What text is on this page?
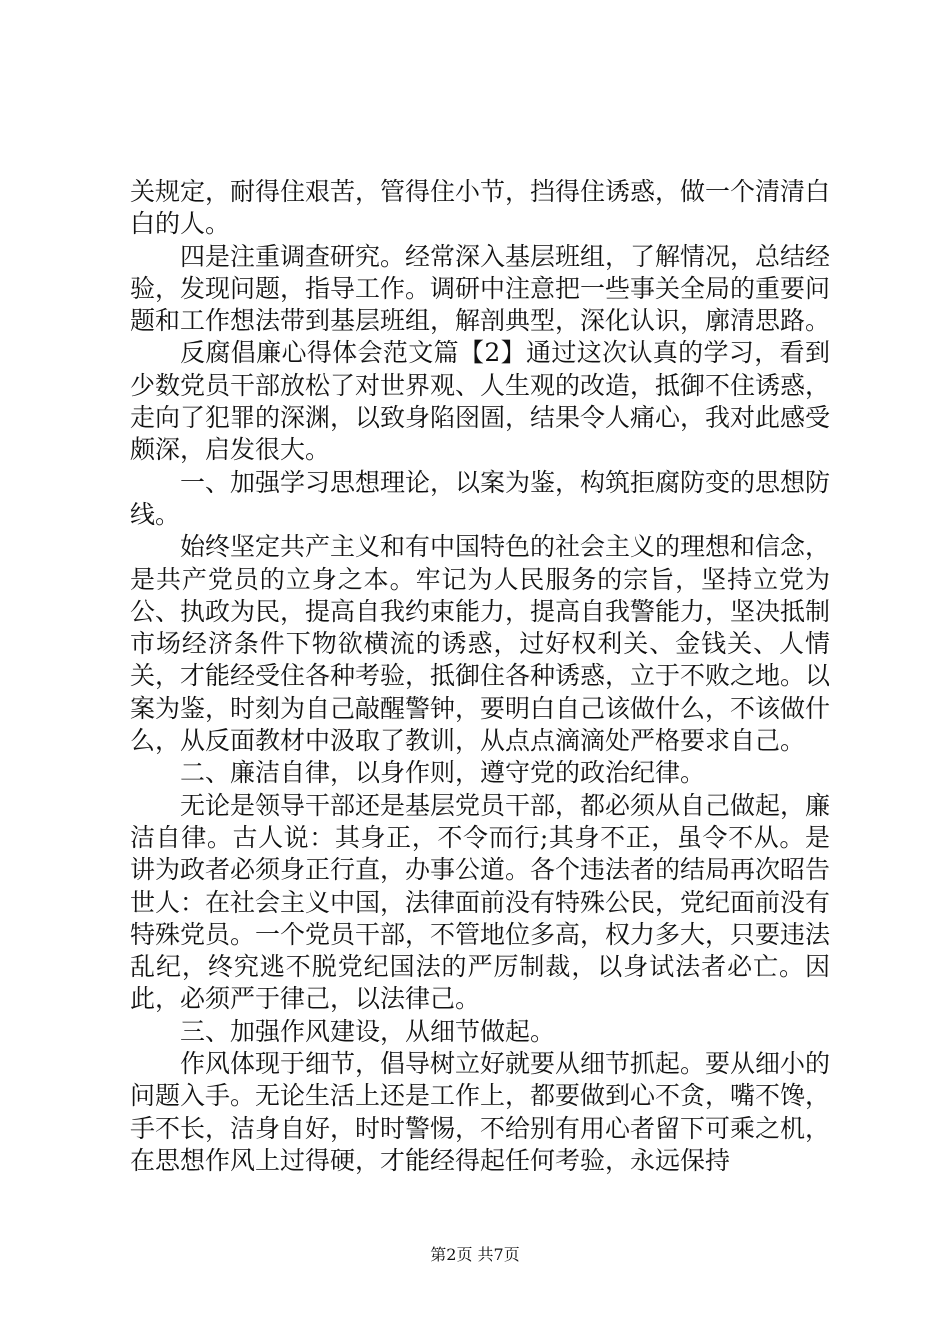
关规定，耐得住艰苦，管得住小节，挡得住诱惑，做一个清清白白的人。

四是注重调查研究。经常深入基层班组，了解情况，总结经验，发现问题，指导工作。调研中注意把一些事关全局的重要问题和工作想法带到基层班组，解剖典型，深化认识，廓清思路。

反腐倡廉心得体会范文篇【2】通过这次认真的学习，看到少数党员干部放松了对世界观、人生观的改造，抵御不住诱惑，走向了犯罪的深渊，以致身陷囹圄，结果令人痛心，我对此感受颇深，启发很大。

一、加强学习思想理论，以案为鉴，构筑拒腐防变的思想防线。

始终坚定共产主义和有中国特色的社会主义的理想和信念，是共产党员的立身之本。牢记为人民服务的宗旨，坚持立党为公、执政为民，提高自我约束能力，提高自我警能力，坚决抵制市场经济条件下物欲横流的诱惑，过好权利关、金钱关、人情关，才能经受住各种考验，抵御住各种诱惑，立于不败之地。以案为鉴，时刻为自己敲醒警钟，要明白自己该做什么，不该做什么，从反面教材中汲取了教训，从点点滴滴处严格要求自己。

二、廉洁自律，以身作则，遵守党的政治纪律。

无论是领导干部还是基层党员干部，都必须从自己做起，廉洁自律。古人说：其身正，不令而行;其身不正，虽令不从。是讲为政者必须身正行直，办事公道。各个违法者的结局再次昭告世人：在社会主义中国，法律面前没有特殊公民，党纪面前没有特殊党员。一个党员干部，不管地位多高，权力多大，只要违法乱纪，终究逃不脱党纪国法的严厉制裁，以身试法者必亡。因此，必须严于律己，以法律己。

三、加强作风建设，从细节做起。

作风体现于细节，倡导树立好就要从细节抓起。要从细小的问题入手。无论生活上还是工作上，都要做到心不贪，嘴不馋，手不长，洁身自好，时时警惕，不给别有用心者留下可乘之机，在思想作风上过得硬，才能经得起任何考验，永远保持

第2页 共7页
